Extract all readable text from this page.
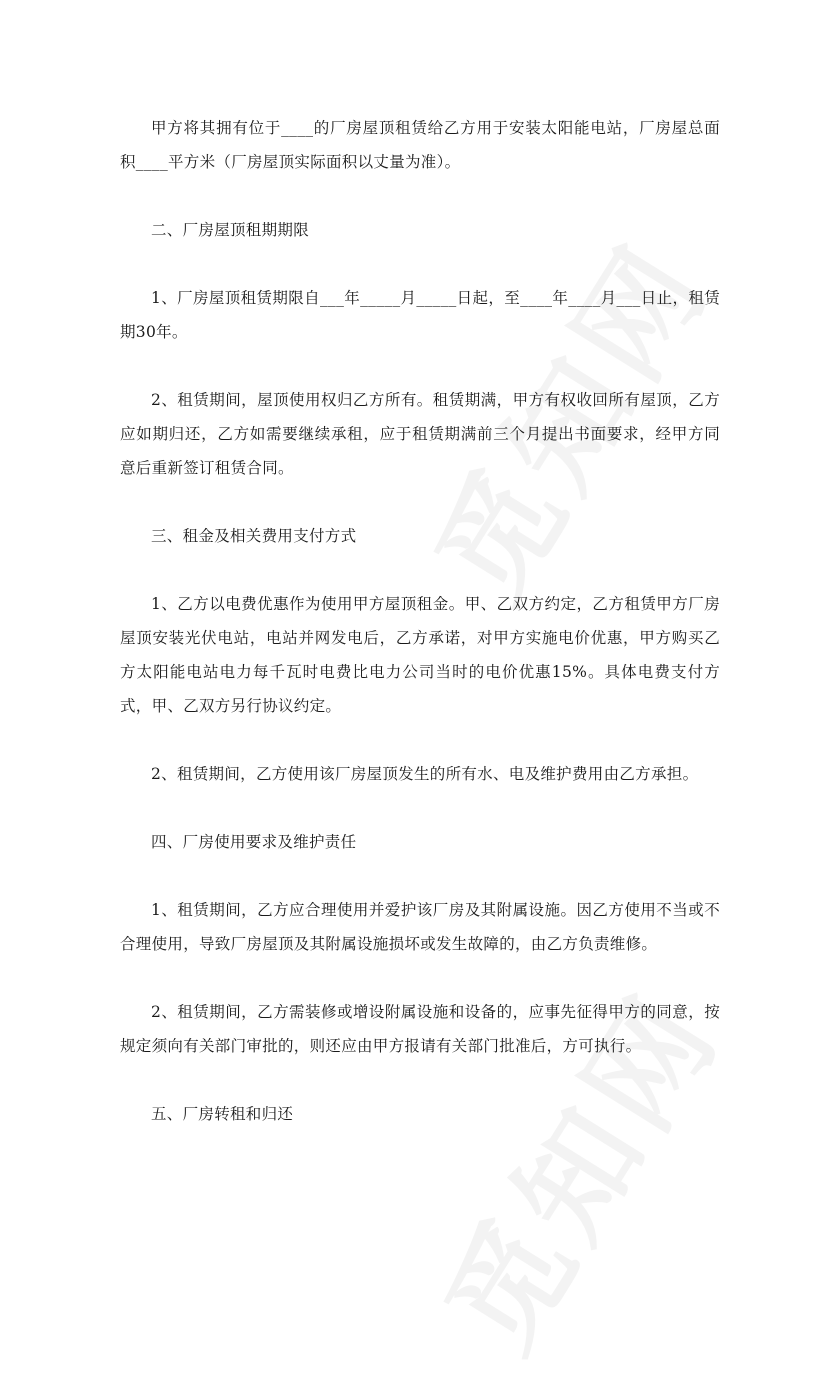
甲方将其拥有位于____的厂房屋顶租赁给乙方用于安装太阳能电站，厂房屋总面积____平方米（厂房屋顶实际面积以丈量为准）。

二、厂房屋顶租期期限

1、厂房屋顶租赁期限自___年_____月_____日起，至____年____月___日止，租赁期30年。

2、租赁期间，屋顶使用权归乙方所有。租赁期满，甲方有权收回所有屋顶，乙方应如期归还，乙方如需要继续承租，应于租赁期满前三个月提出书面要求，经甲方同意后重新签订租赁合同。

三、租金及相关费用支付方式

1、乙方以电费优惠作为使用甲方屋顶租金。甲、乙双方约定，乙方租赁甲方厂房屋顶安装光伏电站，电站并网发电后，乙方承诺，对甲方实施电价优惠，甲方购买乙方太阳能电站电力每千瓦时电费比电力公司当时的电价优惠15%。具体电费支付方式，甲、乙双方另行协议约定。

2、租赁期间，乙方使用该厂房屋顶发生的所有水、电及维护费用由乙方承担。

四、厂房使用要求及维护责任

1、租赁期间，乙方应合理使用并爱护该厂房及其附属设施。因乙方使用不当或不合理使用，导致厂房屋顶及其附属设施损坏或发生故障的，由乙方负责维修。

2、租赁期间，乙方需装修或增设附属设施和设备的，应事先征得甲方的同意，按规定须向有关部门审批的，则还应由甲方报请有关部门批准后，方可执行。

五、厂房转租和归还
